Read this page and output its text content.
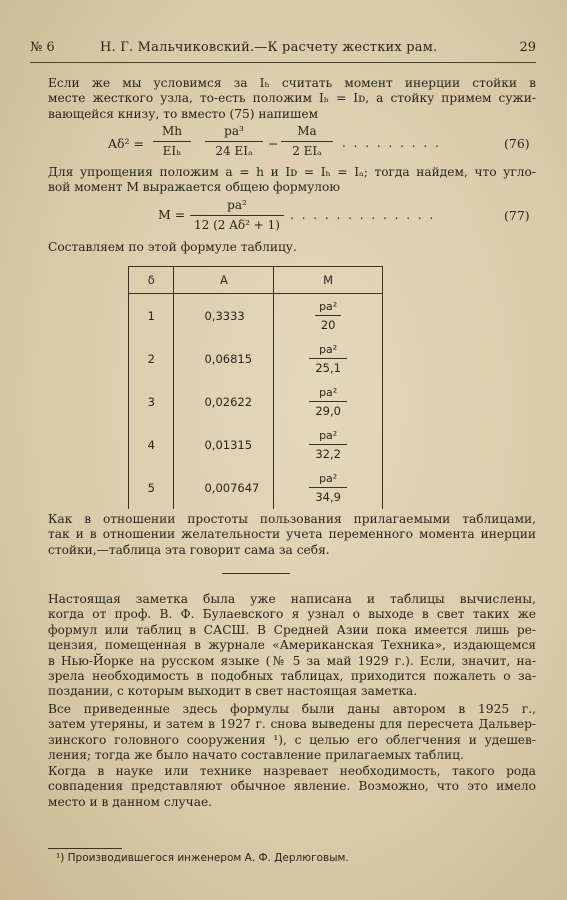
№ 6	Н. Г. Мальчиковский.—К расчету жестких рам.	29
Если же мы условимся за Iₕ считать момент инерции стойки в
месте жесткого узла, то-есть положим Iₕ = Iᴅ, а стойку примем сужи-
вающейся книзу, то вместо (75) напишем
Aδ² =
Mh
EIₕ
pa³
24 EIₐ	−
Ma
2 EIₐ
. . . . . . . . .	(76)
Для упрощения положим a = h и Iᴅ = Iₕ = Iₐ; тогда найдем, что угло-
вой момент M выражается общею формулою
M =
pa²
12 (2 Aδ² + 1)
. . . . . . . . . . . . .	(77)
Составляем по этой формуле таблицу.
δ	A	M
1	0,3333	$\frac{\text{pa²}}{20}$

2	0,06815	$\frac{\text{pa²}}{25,1}$

3	0,02622	$\frac{\text{pa²}}{29,0}$

4	0,01315	$\frac{\text{pa²}}{32,2}$

5	0,007647	$\frac{\text{pa²}}{34,9}$
Как в отношении простоты пользования прилагаемыми таблицами,
так и в отношении желательности учета переменного момента инерции
стойки,—таблица эта говорит сама за себя.
Настоящая заметка была уже написана и таблицы вычислены,
когда от проф. В. Ф. Булаевского я узнал о выходе в свет таких же
формул или таблиц в САСШ. В Средней Азии пока имеется лишь ре-
цензия, помещенная в журнале «Американская Техника», издающемся
в Нью-Йорке на русском языке (№ 5 за май 1929 г.). Если, значит, на-
зрела необходимость в подобных таблицах, приходится пожалеть о за-
поздании, с которым выходит в свет настоящая заметка.
Все приведенные здесь формулы были даны автором в 1925 г.,
затем утеряны, и затем в 1927 г. снова выведены для пересчета Дальвер-
зинского головного сооружения ¹), с целью его облегчения и удешев-
ления; тогда же было начато составление прилагаемых таблиц.
Когда в науке или технике назревает необходимость, такого рода
совпадения представляют обычное явление. Возможно, что это имело
место и в данном случае.
¹) Производившегося инженером А. Ф. Дерлюговым.
